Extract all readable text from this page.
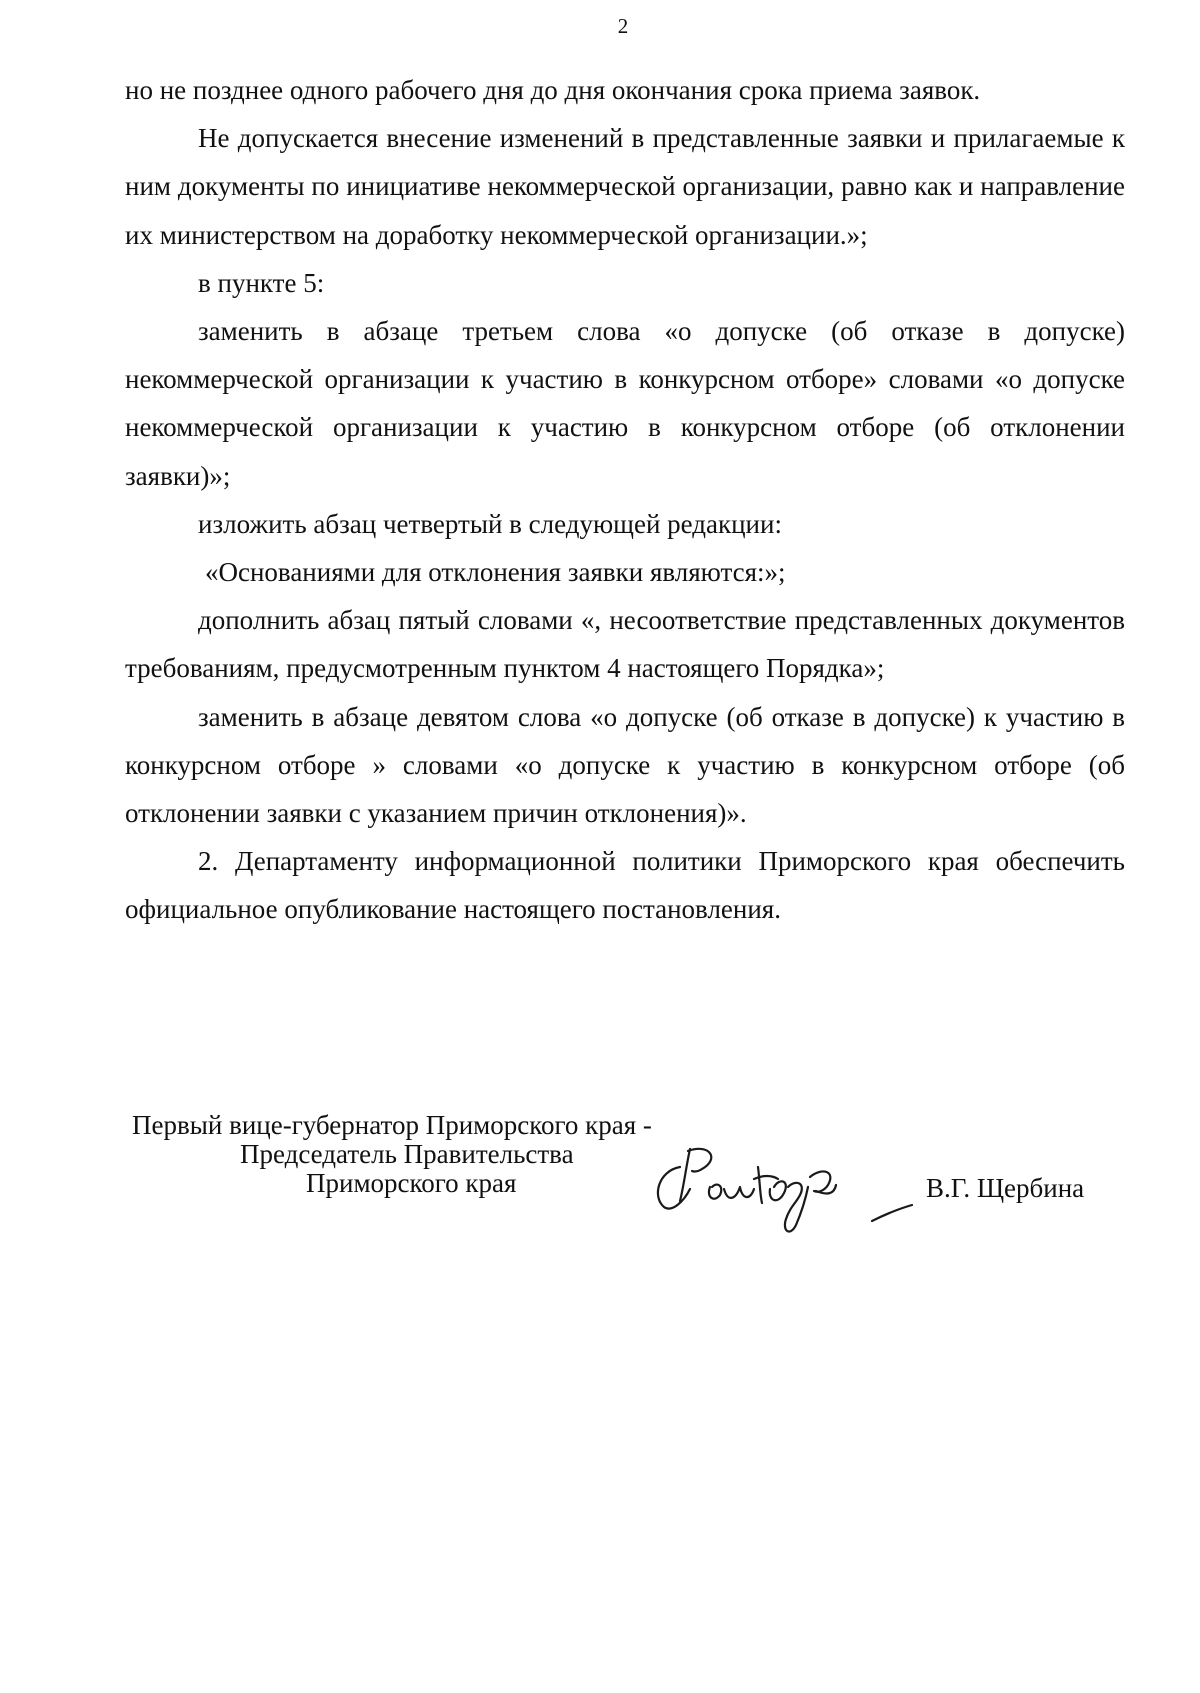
2

но не позднее одного рабочего дня до дня окончания срока приема заявок.

Не допускается внесение изменений в представленные заявки и прилагаемые к ним документы по инициативе некоммерческой организации, равно как и направление их министерством на доработку некоммерческой организации.»;

в пункте 5:

заменить в абзаце третьем слова «о допуске (об отказе в допуске) некоммерческой организации к участию в конкурсном отборе» словами «о допуске некоммерческой организации к участию в конкурсном отборе (об отклонении заявки)»;

изложить абзац четвертый в следующей редакции:

«Основаниями для отклонения заявки являются:»;

дополнить абзац пятый словами «, несоответствие представленных документов требованиям, предусмотренным пунктом 4 настоящего Порядка»;

заменить в абзаце девятом слова «о допуске (об отказе в допуске) к участию в конкурсном отборе » словами «о допуске к участию в конкурсном отборе (об отклонении заявки с указанием причин отклонения)».

2. Департаменту информационной политики Приморского края обеспечить официальное опубликование настоящего постановления.

Первый вице-губернатор Приморского края -
Председатель Правительства
Приморского края	В.Г. Щербина
